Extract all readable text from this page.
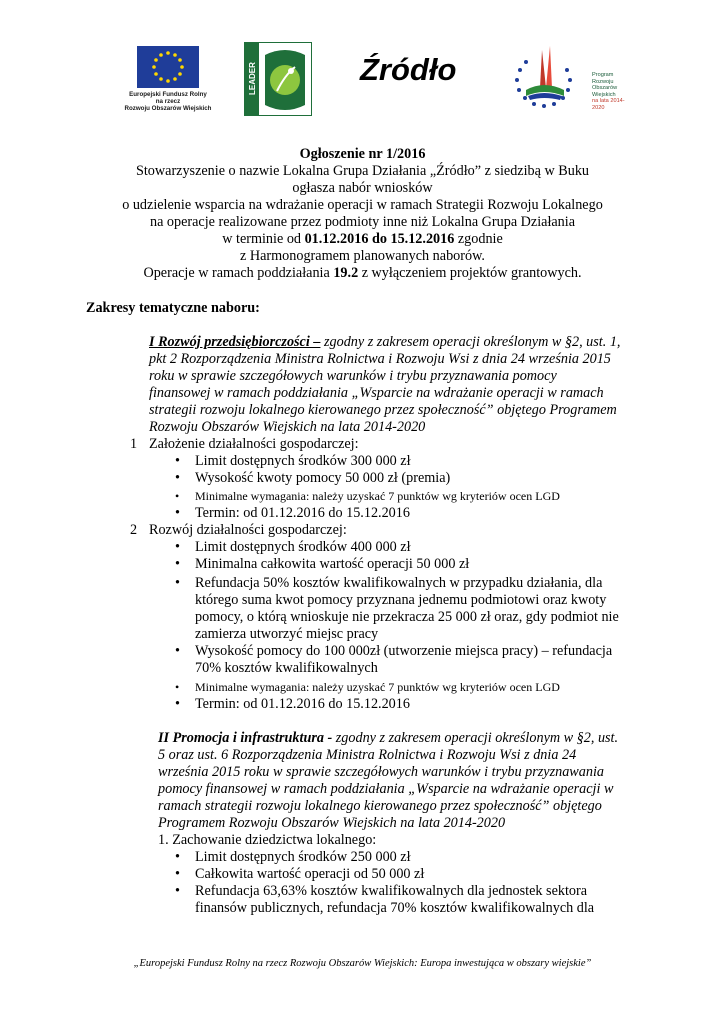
Europejski Fundusz Rolny
na rzecz
Rozwoju Obszarów Wiejskich
LEADER	Źródło	Program
Rozwoju
Obszarów
Wiejskich
na lata 2014-2020
Ogłoszenie nr 1/2016
Stowarzyszenie o nazwie Lokalna Grupa Działania „Źródło” z siedzibą w Buku
ogłasza nabór wniosków
o udzielenie wsparcia na wdrażanie operacji w ramach Strategii Rozwoju Lokalnego
na operacje realizowane przez podmioty inne niż Lokalna Grupa Działania
w terminie od 01.12.2016 do 15.12.2016 zgodnie
z Harmonogramem planowanych naborów.
Operacje w ramach poddziałania 19.2 z wyłączeniem projektów grantowych.
Zakresy tematyczne naboru:
I Rozwój przedsiębiorczości – zgodny z zakresem operacji określonym w §2, ust. 1,
pkt 2 Rozporządzenia Ministra Rolnictwa i Rozwoju Wsi z dnia 24 września 2015
roku w sprawie szczegółowych warunków i trybu przyznawania pomocy
finansowej w ramach poddziałania „Wsparcie na wdrażanie operacji w ramach
strategii rozwoju lokalnego kierowanego przez społeczność” objętego Programem
Rozwoju Obszarów Wiejskich na lata 2014-2020
1 Założenie działalności gospodarczej:
• Limit dostępnych środków 300 000 zł
• Wysokość kwoty pomocy 50 000 zł (premia)
• Minimalne wymagania: należy uzyskać 7 punktów wg kryteriów ocen LGD
• Termin: od 01.12.2016 do 15.12.2016
2 Rozwój działalności gospodarczej:
• Limit dostępnych środków 400 000 zł
• Minimalna całkowita wartość operacji 50 000 zł
• Refundacja 50% kosztów kwalifikowalnych w przypadku działania, dla
którego suma kwot pomocy przyznana jednemu podmiotowi oraz kwoty
pomocy, o którą wnioskuje nie przekracza 25 000 zł oraz, gdy podmiot nie
zamierza utworzyć miejsc pracy
• Wysokość pomocy do 100 000zł (utworzenie miejsca pracy) – refundacja
70% kosztów kwalifikowalnych
• Minimalne wymagania: należy uzyskać 7 punktów wg kryteriów ocen LGD
• Termin: od 01.12.2016 do 15.12.2016
II Promocja i infrastruktura - zgodny z zakresem operacji określonym w §2, ust.
5 oraz ust. 6 Rozporządzenia Ministra Rolnictwa i Rozwoju Wsi z dnia 24
września 2015 roku w sprawie szczegółowych warunków i trybu przyznawania
pomocy finansowej w ramach poddziałania „Wsparcie na wdrażanie operacji w
ramach strategii rozwoju lokalnego kierowanego przez społeczność” objętego
Programem Rozwoju Obszarów Wiejskich na lata 2014-2020
1. Zachowanie dziedzictwa lokalnego:
• Limit dostępnych środków 250 000 zł
• Całkowita wartość operacji od 50 000 zł
• Refundacja 63,63% kosztów kwalifikowalnych dla jednostek sektora
finansów publicznych, refundacja 70% kosztów kwalifikowalnych dla
„Europejski Fundusz Rolny na rzecz Rozwoju Obszarów Wiejskich: Europa inwestująca w obszary wiejskie”
